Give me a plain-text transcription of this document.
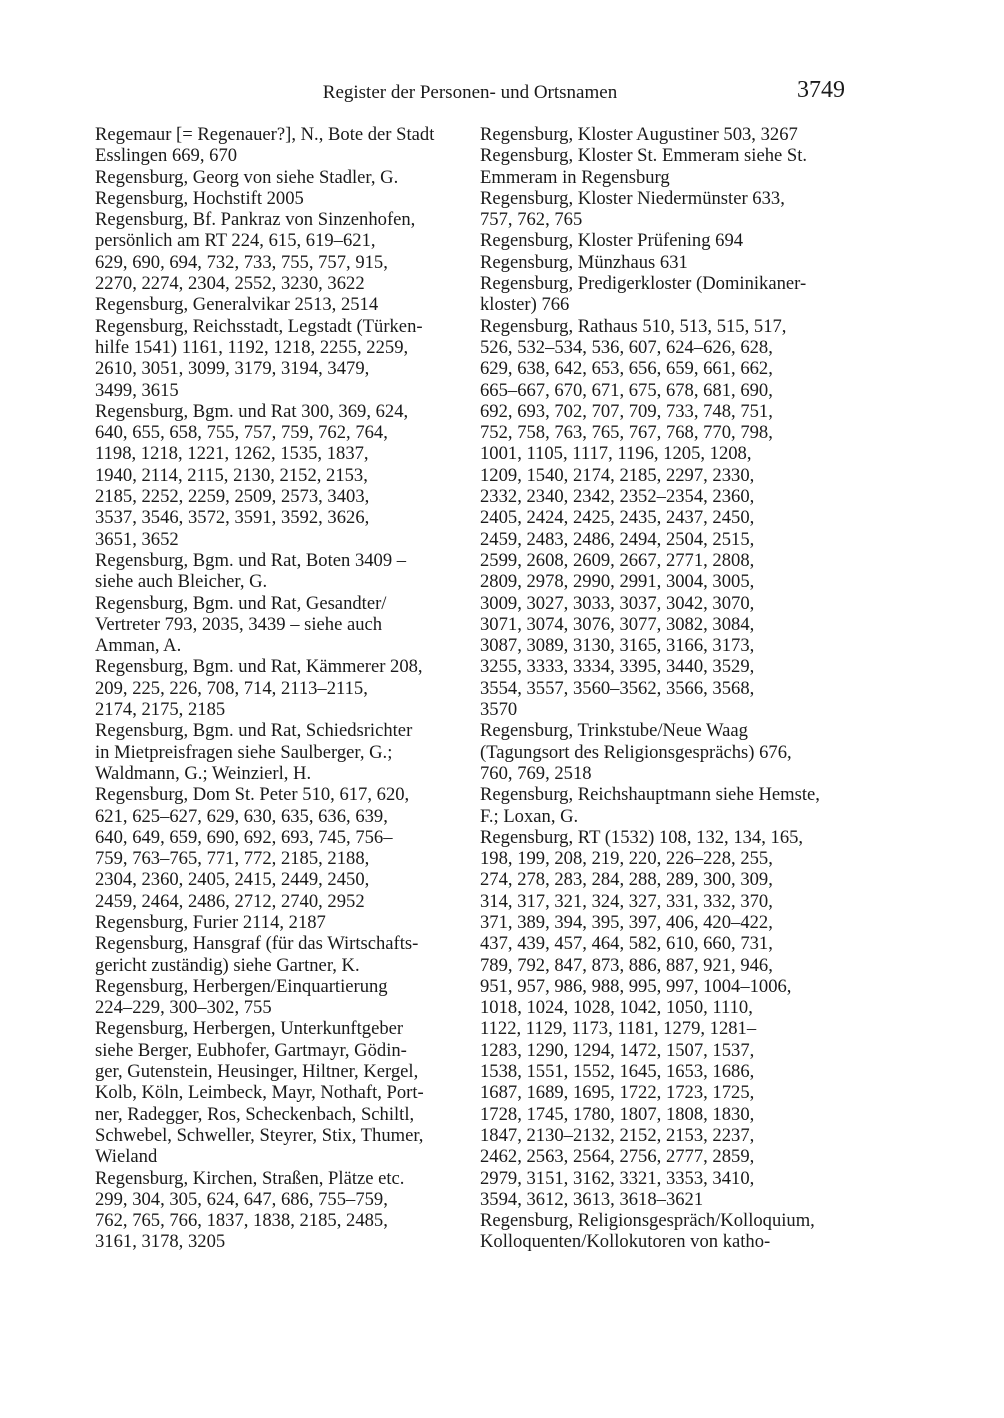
Register der Personen- und Ortsnamen	3749
Regemaur [= Regenauer?], N., Bote der Stadt
Esslingen 669, 670
Regensburg, Georg von siehe Stadler, G.
Regensburg, Hochstift 2005
Regensburg, Bf. Pankraz von Sinzenhofen,
persönlich am RT 224, 615, 619–621,
629, 690, 694, 732, 733, 755, 757, 915,
2270, 2274, 2304, 2552, 3230, 3622
Regensburg, Generalvikar 2513, 2514
Regensburg, Reichsstadt, Legstadt (Türken-
hilfe 1541) 1161, 1192, 1218, 2255, 2259,
2610, 3051, 3099, 3179, 3194, 3479,
3499, 3615
Regensburg, Bgm. und Rat 300, 369, 624,
640, 655, 658, 755, 757, 759, 762, 764,
1198, 1218, 1221, 1262, 1535, 1837,
1940, 2114, 2115, 2130, 2152, 2153,
2185, 2252, 2259, 2509, 2573, 3403,
3537, 3546, 3572, 3591, 3592, 3626,
3651, 3652
Regensburg, Bgm. und Rat, Boten 3409 –
siehe auch Bleicher, G.
Regensburg, Bgm. und Rat, Gesandter/
Vertreter 793, 2035, 3439 – siehe auch
Amman, A.
Regensburg, Bgm. und Rat, Kämmerer 208,
209, 225, 226, 708, 714, 2113–2115,
2174, 2175, 2185
Regensburg, Bgm. und Rat, Schiedsrichter
in Mietpreisfragen siehe Saulberger, G.;
Waldmann, G.; Weinzierl, H.
Regensburg, Dom St. Peter 510, 617, 620,
621, 625–627, 629, 630, 635, 636, 639,
640, 649, 659, 690, 692, 693, 745, 756–
759, 763–765, 771, 772, 2185, 2188,
2304, 2360, 2405, 2415, 2449, 2450,
2459, 2464, 2486, 2712, 2740, 2952
Regensburg, Furier 2114, 2187
Regensburg, Hansgraf (für das Wirtschafts-
gericht zuständig) siehe Gartner, K.
Regensburg, Herbergen/Einquartierung
224–229, 300–302, 755
Regensburg, Herbergen, Unterkunftgeber
siehe Berger, Eubhofer, Gartmayr, Gödin-
ger, Gutenstein, Heusinger, Hiltner, Kergel,
Kolb, Köln, Leimbeck, Mayr, Nothaft, Port-
ner, Radegger, Ros, Scheckenbach, Schiltl,
Schwebel, Schweller, Steyrer, Stix, Thumer,
Wieland
Regensburg, Kirchen, Straßen, Plätze etc.
299, 304, 305, 624, 647, 686, 755–759,
762, 765, 766, 1837, 1838, 2185, 2485,
3161, 3178, 3205
Regensburg, Kloster Augustiner 503, 3267
Regensburg, Kloster St. Emmeram siehe St.
Emmeram in Regensburg
Regensburg, Kloster Niedermünster 633,
757, 762, 765
Regensburg, Kloster Prüfening 694
Regensburg, Münzhaus 631
Regensburg, Predigerkloster (Dominikaner-
kloster) 766
Regensburg, Rathaus 510, 513, 515, 517,
526, 532–534, 536, 607, 624–626, 628,
629, 638, 642, 653, 656, 659, 661, 662,
665–667, 670, 671, 675, 678, 681, 690,
692, 693, 702, 707, 709, 733, 748, 751,
752, 758, 763, 765, 767, 768, 770, 798,
1001, 1105, 1117, 1196, 1205, 1208,
1209, 1540, 2174, 2185, 2297, 2330,
2332, 2340, 2342, 2352–2354, 2360,
2405, 2424, 2425, 2435, 2437, 2450,
2459, 2483, 2486, 2494, 2504, 2515,
2599, 2608, 2609, 2667, 2771, 2808,
2809, 2978, 2990, 2991, 3004, 3005,
3009, 3027, 3033, 3037, 3042, 3070,
3071, 3074, 3076, 3077, 3082, 3084,
3087, 3089, 3130, 3165, 3166, 3173,
3255, 3333, 3334, 3395, 3440, 3529,
3554, 3557, 3560–3562, 3566, 3568,
3570
Regensburg, Trinkstube/Neue Waag
(Tagungsort des Religionsgesprächs) 676,
760, 769, 2518
Regensburg, Reichshauptmann siehe Hemste,
F.; Loxan, G.
Regensburg, RT (1532) 108, 132, 134, 165,
198, 199, 208, 219, 220, 226–228, 255,
274, 278, 283, 284, 288, 289, 300, 309,
314, 317, 321, 324, 327, 331, 332, 370,
371, 389, 394, 395, 397, 406, 420–422,
437, 439, 457, 464, 582, 610, 660, 731,
789, 792, 847, 873, 886, 887, 921, 946,
951, 957, 986, 988, 995, 997, 1004–1006,
1018, 1024, 1028, 1042, 1050, 1110,
1122, 1129, 1173, 1181, 1279, 1281–
1283, 1290, 1294, 1472, 1507, 1537,
1538, 1551, 1552, 1645, 1653, 1686,
1687, 1689, 1695, 1722, 1723, 1725,
1728, 1745, 1780, 1807, 1808, 1830,
1847, 2130–2132, 2152, 2153, 2237,
2462, 2563, 2564, 2756, 2777, 2859,
2979, 3151, 3162, 3321, 3353, 3410,
3594, 3612, 3613, 3618–3621
Regensburg, Religionsgespräch/Kolloquium,
Kolloquenten/Kollokutoren von katho-
